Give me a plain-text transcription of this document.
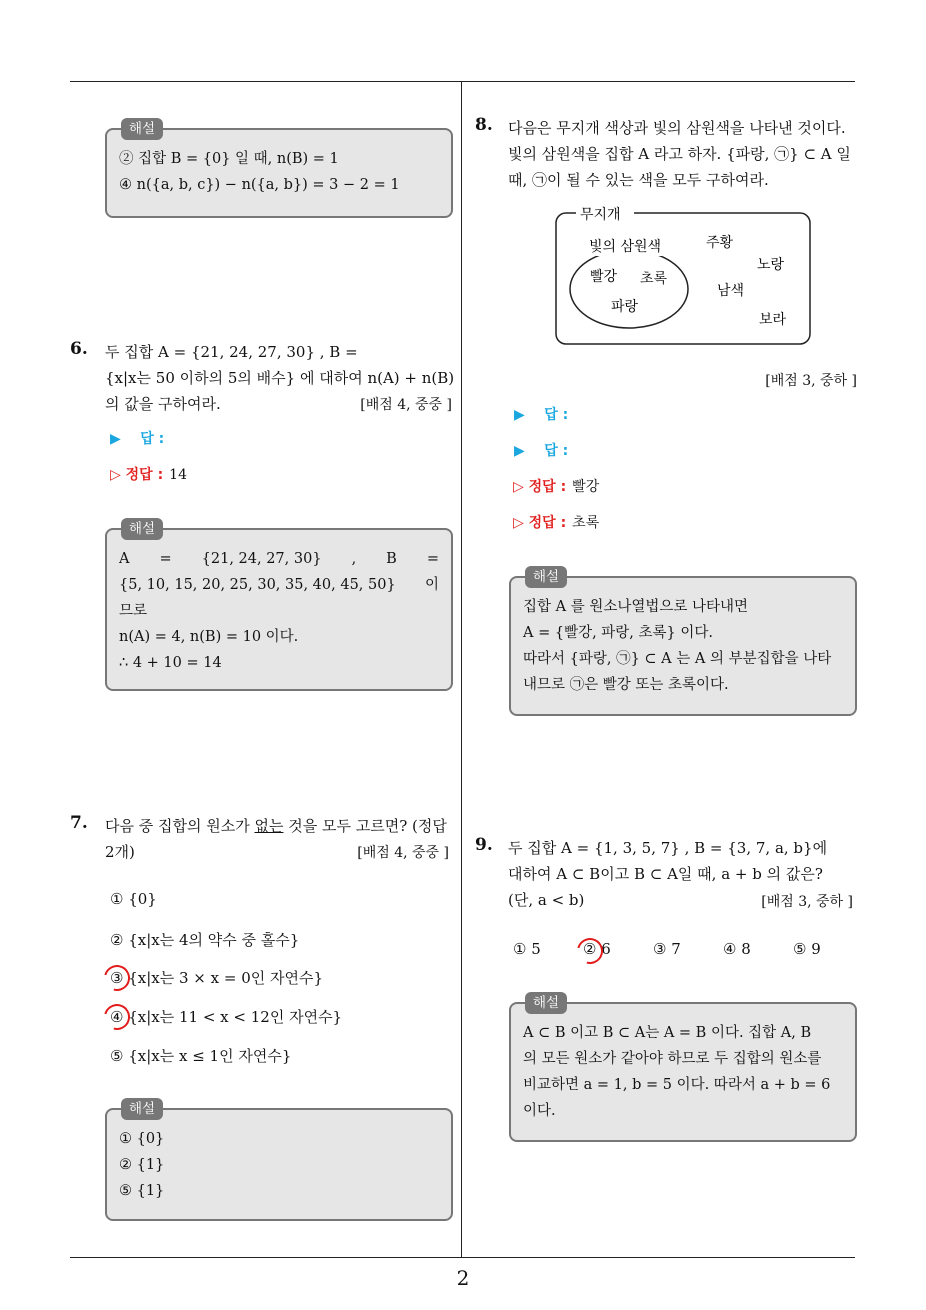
2
해설
② 집합 B = {0} 일 때, n(B) = 1
④ n({a, b, c}) − n({a, b}) = 3 − 2 = 1
6. 두 집합 A = {21, 24, 27, 30} , B =
{x|x는 50 이하의 5의 배수} 에 대하여 n(A) + n(B)
의 값을 구하여라.	[배점 4, 중중 ]
▶    답 :
▷ 정답 : 14
해설
A = {21, 24, 27, 30} , B =
{5, 10, 15, 20, 25, 30, 35, 40, 45, 50} 이
므로
n(A) = 4, n(B) = 10 이다.
∴ 4 + 10 = 14
7. 다음 중 집합의 원소가 없는 것을 모두 고르면? (정답
2개)	[배점 4, 중중 ]
① {0}
② {x|x는 4의 약수 중 홀수}
③ {x|x는 3 × x = 0인 자연수}
④ {x|x는 11 < x < 12인 자연수}
⑤ {x|x는 x ≤ 1인 자연수}
해설
① {0}
② {1}
⑤ {1}
8. 다음은 무지개 색상과 빛의 삼원색을 나타낸 것이다.
빛의 삼원색을 집합 A 라고 하자. {파랑, ㉠} ⊂ A 일
때, ㉠이 될 수 있는 색을 모두 구하여라.
무지개
빛의 삼원색
빨강 초록
파랑
주황
노랑
남색
보라
[배점 3, 중하 ]
▶    답 :
▶    답 :
▷ 정답 : 빨강
▷ 정답 : 초록
해설
집합 A 를 원소나열법으로 나타내면
A = {빨강, 파랑, 초록} 이다.
따라서 {파랑, ㉠} ⊂ A 는 A 의 부분집합을 나타
내므로 ㉠은 빨강 또는 초록이다.
9. 두 집합 A = {1, 3, 5, 7} , B = {3, 7, a, b}에
대하여 A ⊂ B이고 B ⊂ A일 때, a + b 의 값은?
(단, a < b)	[배점 3, 중하 ]
① 5	② 6	③ 7	④ 8	⑤ 9
해설
A ⊂ B 이고 B ⊂ A는 A = B 이다. 집합 A, B
의 모든 원소가 같아야 하므로 두 집합의 원소를
비교하면 a = 1, b = 5 이다. 따라서 a + b = 6
이다.
